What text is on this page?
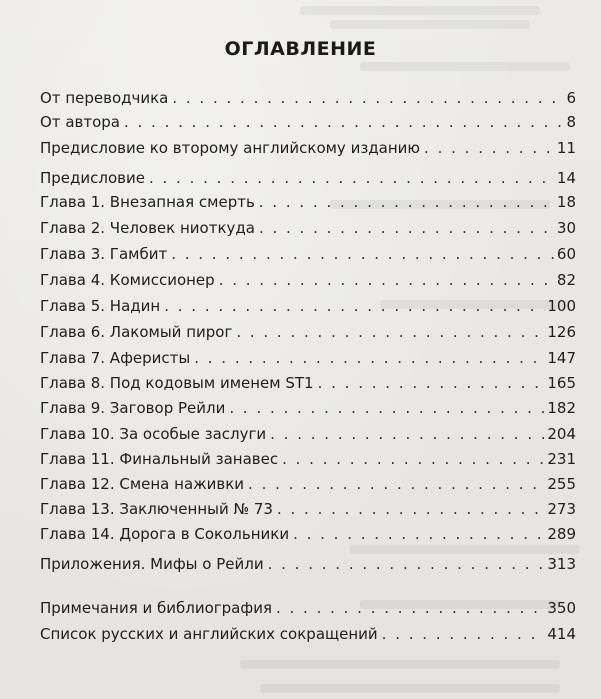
ОГЛАВЛЕНИЕ
От переводчика . . .	6
От автора . . .	8
Предисловие ко второму английскому изданию . . .	11
Предисловие . . .	14
Глава 1. Внезапная смерть . . .	18
Глава 2. Человек ниоткуда . . .	30
Глава 3. Гамбит . . .	60
Глава 4. Комиссионер . . .	82
Глава 5. Надин . . .	100
Глава 6. Лакомый пирог . . .	126
Глава 7. Аферисты . . .	147
Глава 8. Под кодовым именем ST1 . . .	165
Глава 9. Заговор Рейли . . .	182
Глава 10. За особые заслуги . . .	204
Глава 11. Финальный занавес . . .	231
Глава 12. Смена наживки . . .	255
Глава 13. Заключенный № 73 . . .	273
Глава 14. Дорога в Сокольники . . .	289
Приложения. Мифы о Рейли . . .	313
Примечания и библиография . . .	350
Список русских и английских сокращений . . .	414
